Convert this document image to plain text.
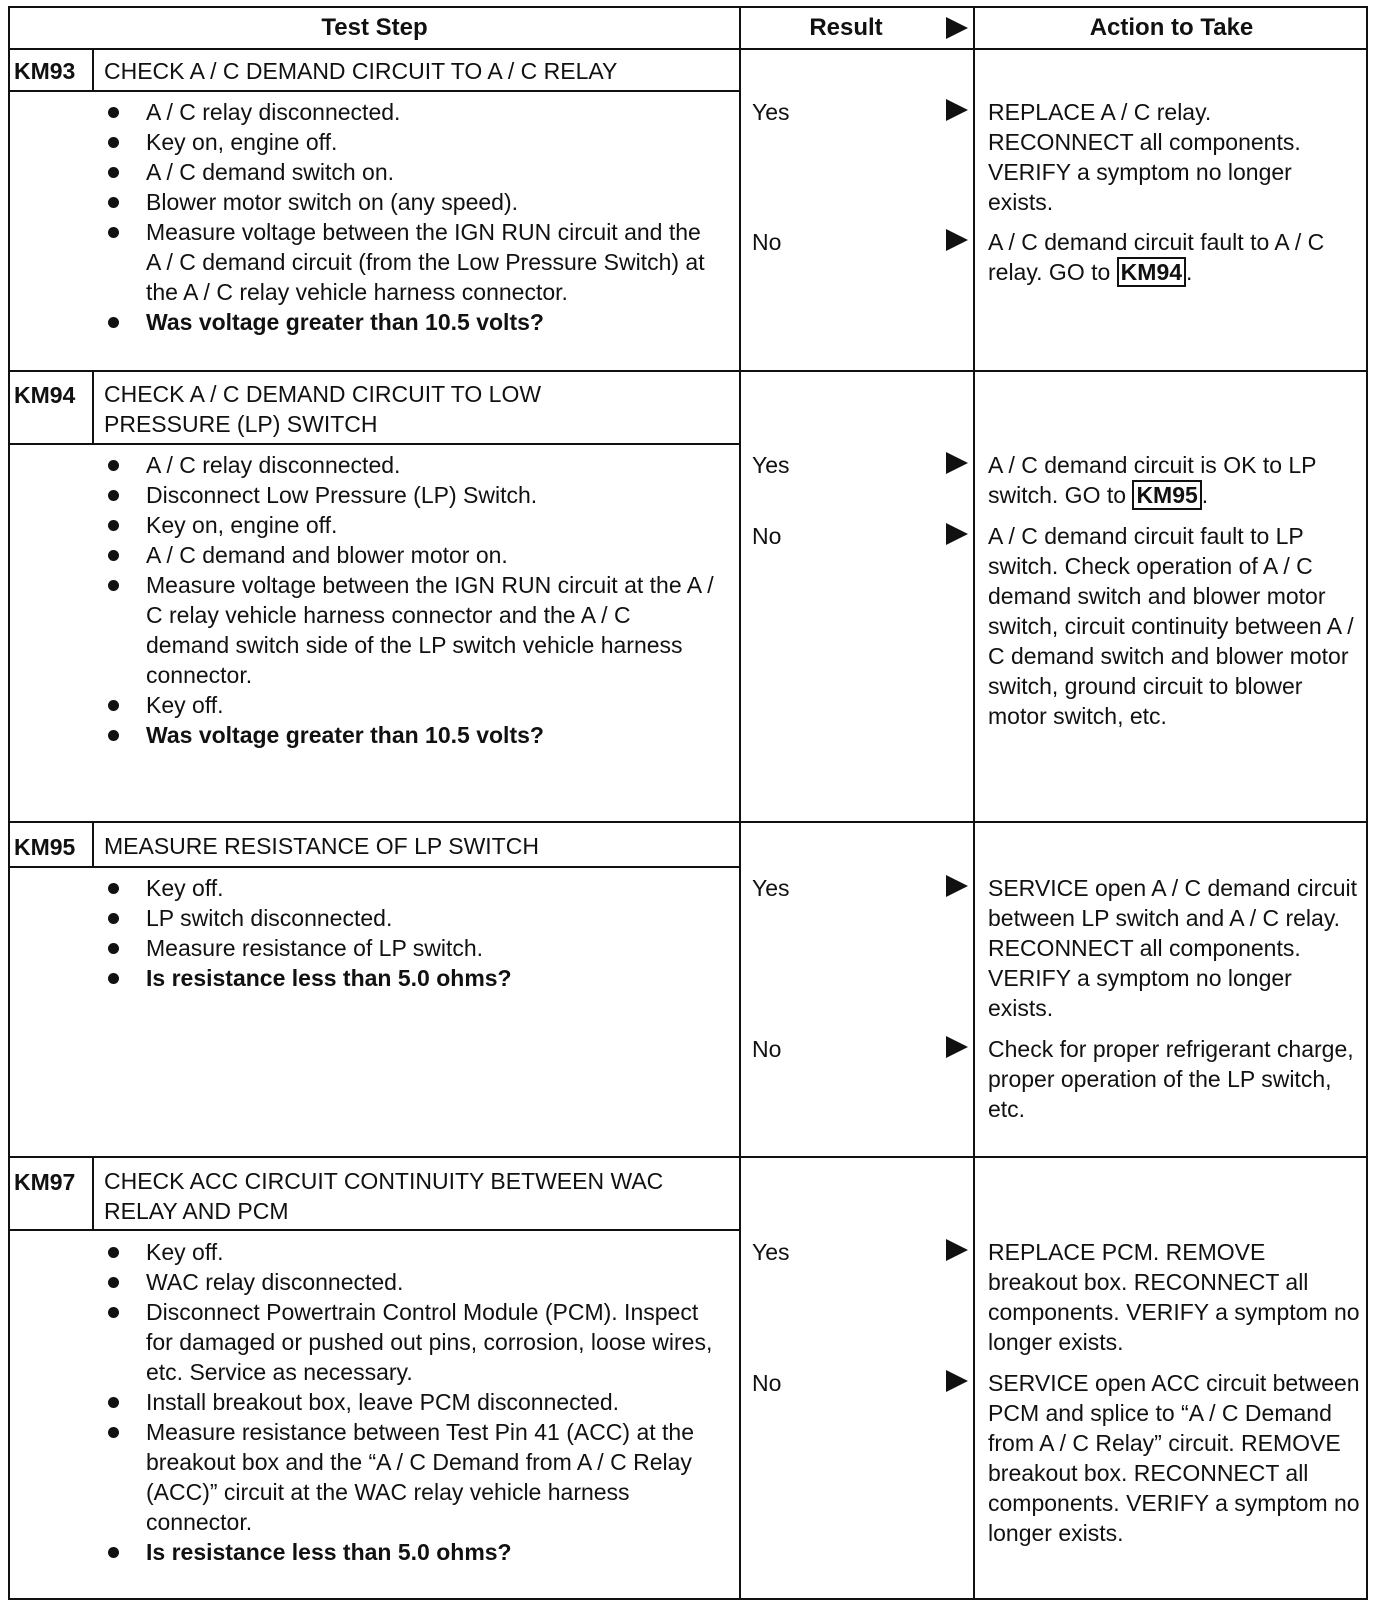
Test Step	Result	Action to Take
KM93 CHECK A / C DEMAND CIRCUIT TO A / C RELAY
A / C relay disconnected.
Key on, engine off.
A / C demand switch on.
Blower motor switch on (any speed).
Measure voltage between the IGN RUN circuit and the A / C demand circuit (from the Low Pressure Switch) at the A / C relay vehicle harness connector.
Was voltage greater than 10.5 volts?
Yes	REPLACE A / C relay. RECONNECT all components. VERIFY a symptom no longer exists.
No	A / C demand circuit fault to A / C relay. GO to KM94 .
KM94 CHECK A / C DEMAND CIRCUIT TO LOW PRESSURE (LP) SWITCH
A / C relay disconnected.
Disconnect Low Pressure (LP) Switch.
Key on, engine off.
A / C demand and blower motor on.
Measure voltage between the IGN RUN circuit at the A / C relay vehicle harness connector and the A / C demand switch side of the LP switch vehicle harness connector.
Key off.
Was voltage greater than 10.5 volts?
Yes	A / C demand circuit is OK to LP switch. GO to KM95 .
No	A / C demand circuit fault to LP switch. Check operation of A / C demand switch and blower motor switch, circuit continuity between A / C demand switch and blower motor switch, ground circuit to blower motor switch, etc.
KM95 MEASURE RESISTANCE OF LP SWITCH
Key off.
LP switch disconnected.
Measure resistance of LP switch.
Is resistance less than 5.0 ohms?
Yes	SERVICE open A / C demand circuit between LP switch and A / C relay. RECONNECT all components. VERIFY a symptom no longer exists.
No	Check for proper refrigerant charge, proper operation of the LP switch, etc.
KM97 CHECK ACC CIRCUIT CONTINUITY BETWEEN WAC RELAY AND PCM
Key off.
WAC relay disconnected.
Disconnect Powertrain Control Module (PCM). Inspect for damaged or pushed out pins, corrosion, loose wires, etc. Service as necessary.
Install breakout box, leave PCM disconnected.
Measure resistance between Test Pin 41 (ACC) at the breakout box and the “A / C Demand from A / C Relay (ACC)” circuit at the WAC relay vehicle harness connector.
Is resistance less than 5.0 ohms?
Yes	REPLACE PCM. REMOVE breakout box. RECONNECT all components. VERIFY a symptom no longer exists.
No	SERVICE open ACC circuit between PCM and splice to “A / C Demand from A / C Relay” circuit. REMOVE breakout box. RECONNECT all components. VERIFY a symptom no longer exists.
